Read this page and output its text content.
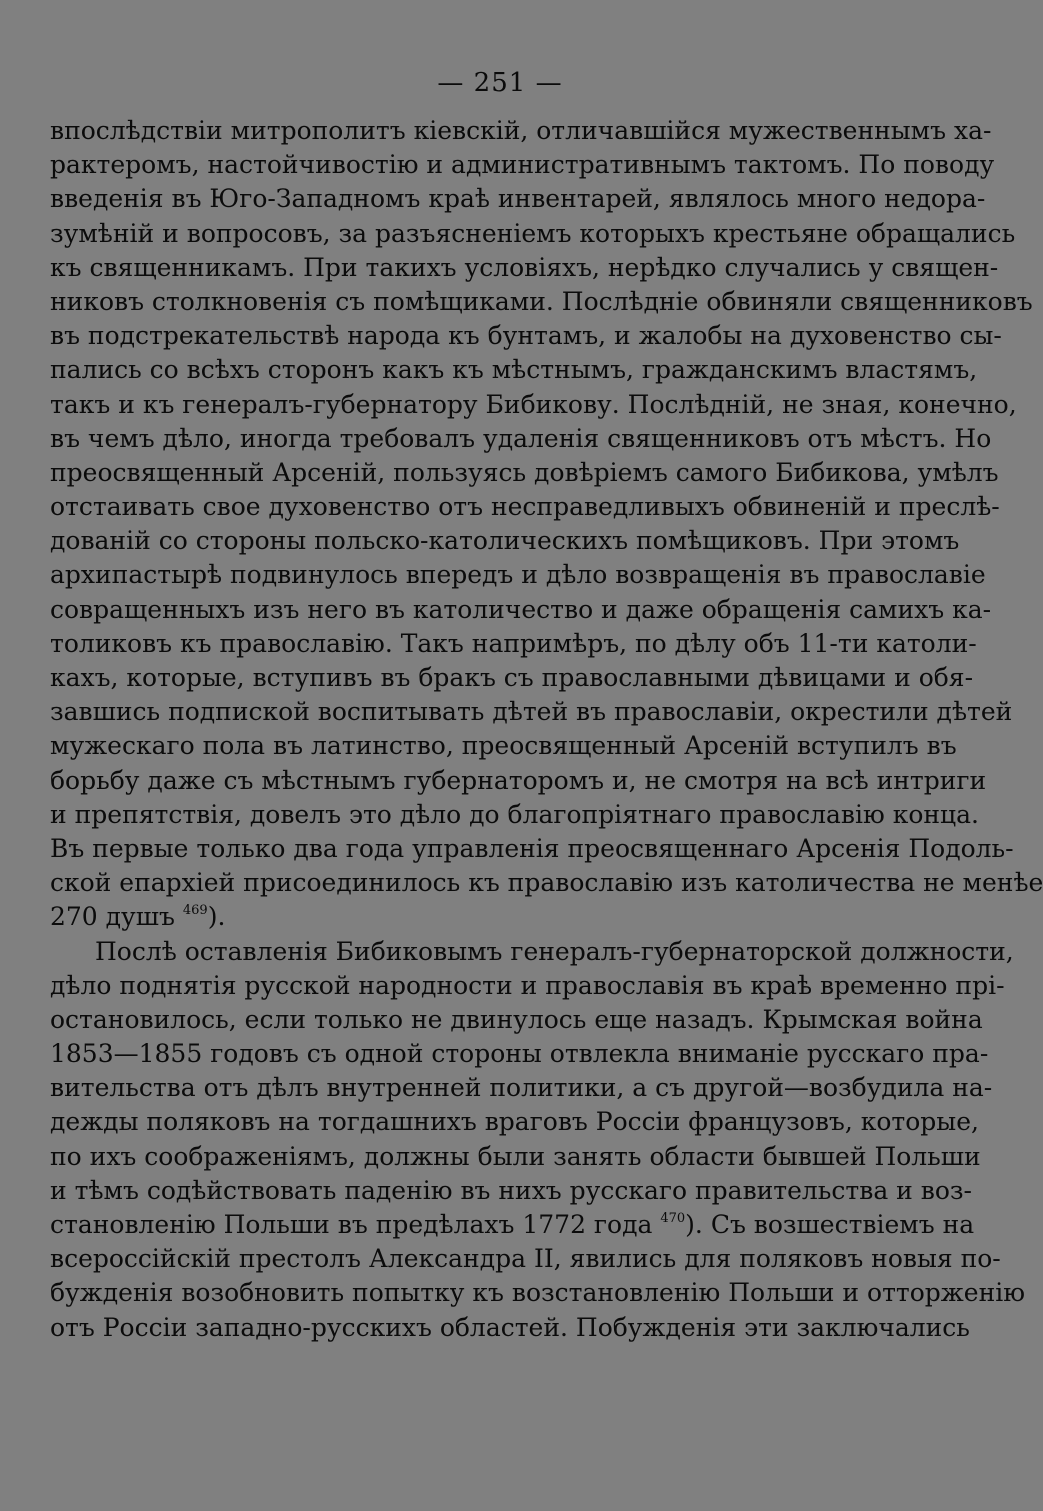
— 251 —
впослѣдствіи митрополитъ кіевскій, отличавшійся мужественнымъ ха-
рактеромъ, настойчивостію и административнымъ тактомъ. По поводу
введенія въ Юго-Западномъ краѣ инвентарей, являлось много недора-
зумѣній и вопросовъ, за разъясненіемъ которыхъ крестьяне обращались
къ священникамъ. При такихъ условіяхъ, нерѣдко случались у священ-
никовъ столкновенія съ помѣщиками. Послѣдніе обвиняли священниковъ
въ подстрекательствѣ народа къ бунтамъ, и жалобы на духовенство сы-
пались со всѣхъ сторонъ какъ къ мѣстнымъ, гражданскимъ властямъ,
такъ и къ генералъ-губернатору Бибикову. Послѣдній, не зная, конечно,
въ чемъ дѣло, иногда требовалъ удаленія священниковъ отъ мѣстъ. Но
преосвященный Арсеній, пользуясь довѣріемъ самого Бибикова, умѣлъ
отстаивать свое духовенство отъ несправедливыхъ обвиненій и преслѣ-
дованій со стороны польско-католическихъ помѣщиковъ. При этомъ
архипастырѣ подвинулось впередъ и дѣло возвращенія въ православіе
совращенныхъ изъ него въ католичество и даже обращенія самихъ ка-
толиковъ къ православію. Такъ напримѣръ, по дѣлу объ 11-ти католи-
кахъ, которые, вступивъ въ бракъ съ православными дѣвицами и обя-
завшись подпиской воспитывать дѣтей въ православіи, окрестили дѣтей
мужескаго пола въ латинство, преосвященный Арсеній вступилъ въ
борьбу даже съ мѣстнымъ губернаторомъ и, не смотря на всѣ интриги
и препятствія, довелъ это дѣло до благопріятнаго православію конца.
Въ первые только два года управленія преосвященнаго Арсенія Подоль-
ской епархіей присоединилось къ православію изъ католичества не менѣе
270 душъ $^{469}$).
Послѣ оставленія Бибиковымъ генералъ-губернаторской должности,
дѣло поднятія русской народности и православія въ краѣ временно прі-
остановилось, если только не двинулось еще назадъ. Крымская война
1853—1855 годовъ съ одной стороны отвлекла вниманіе русскаго пра-
вительства отъ дѣлъ внутренней политики, а съ другой—возбудила на-
дежды поляковъ на тогдашнихъ враговъ Россіи французовъ, которые,
по ихъ соображеніямъ, должны были занять области бывшей Польши
и тѣмъ содѣйствовать паденію въ нихъ русскаго правительства и воз-
становленію Польши въ предѣлахъ 1772 года $^{470}$). Съ возшествіемъ на
всероссійскій престолъ Александра II, явились для поляковъ новыя по-
бужденія возобновить попытку къ возстановленію Польши и отторженію
отъ Россіи западно-русскихъ областей. Побужденія эти заключались
